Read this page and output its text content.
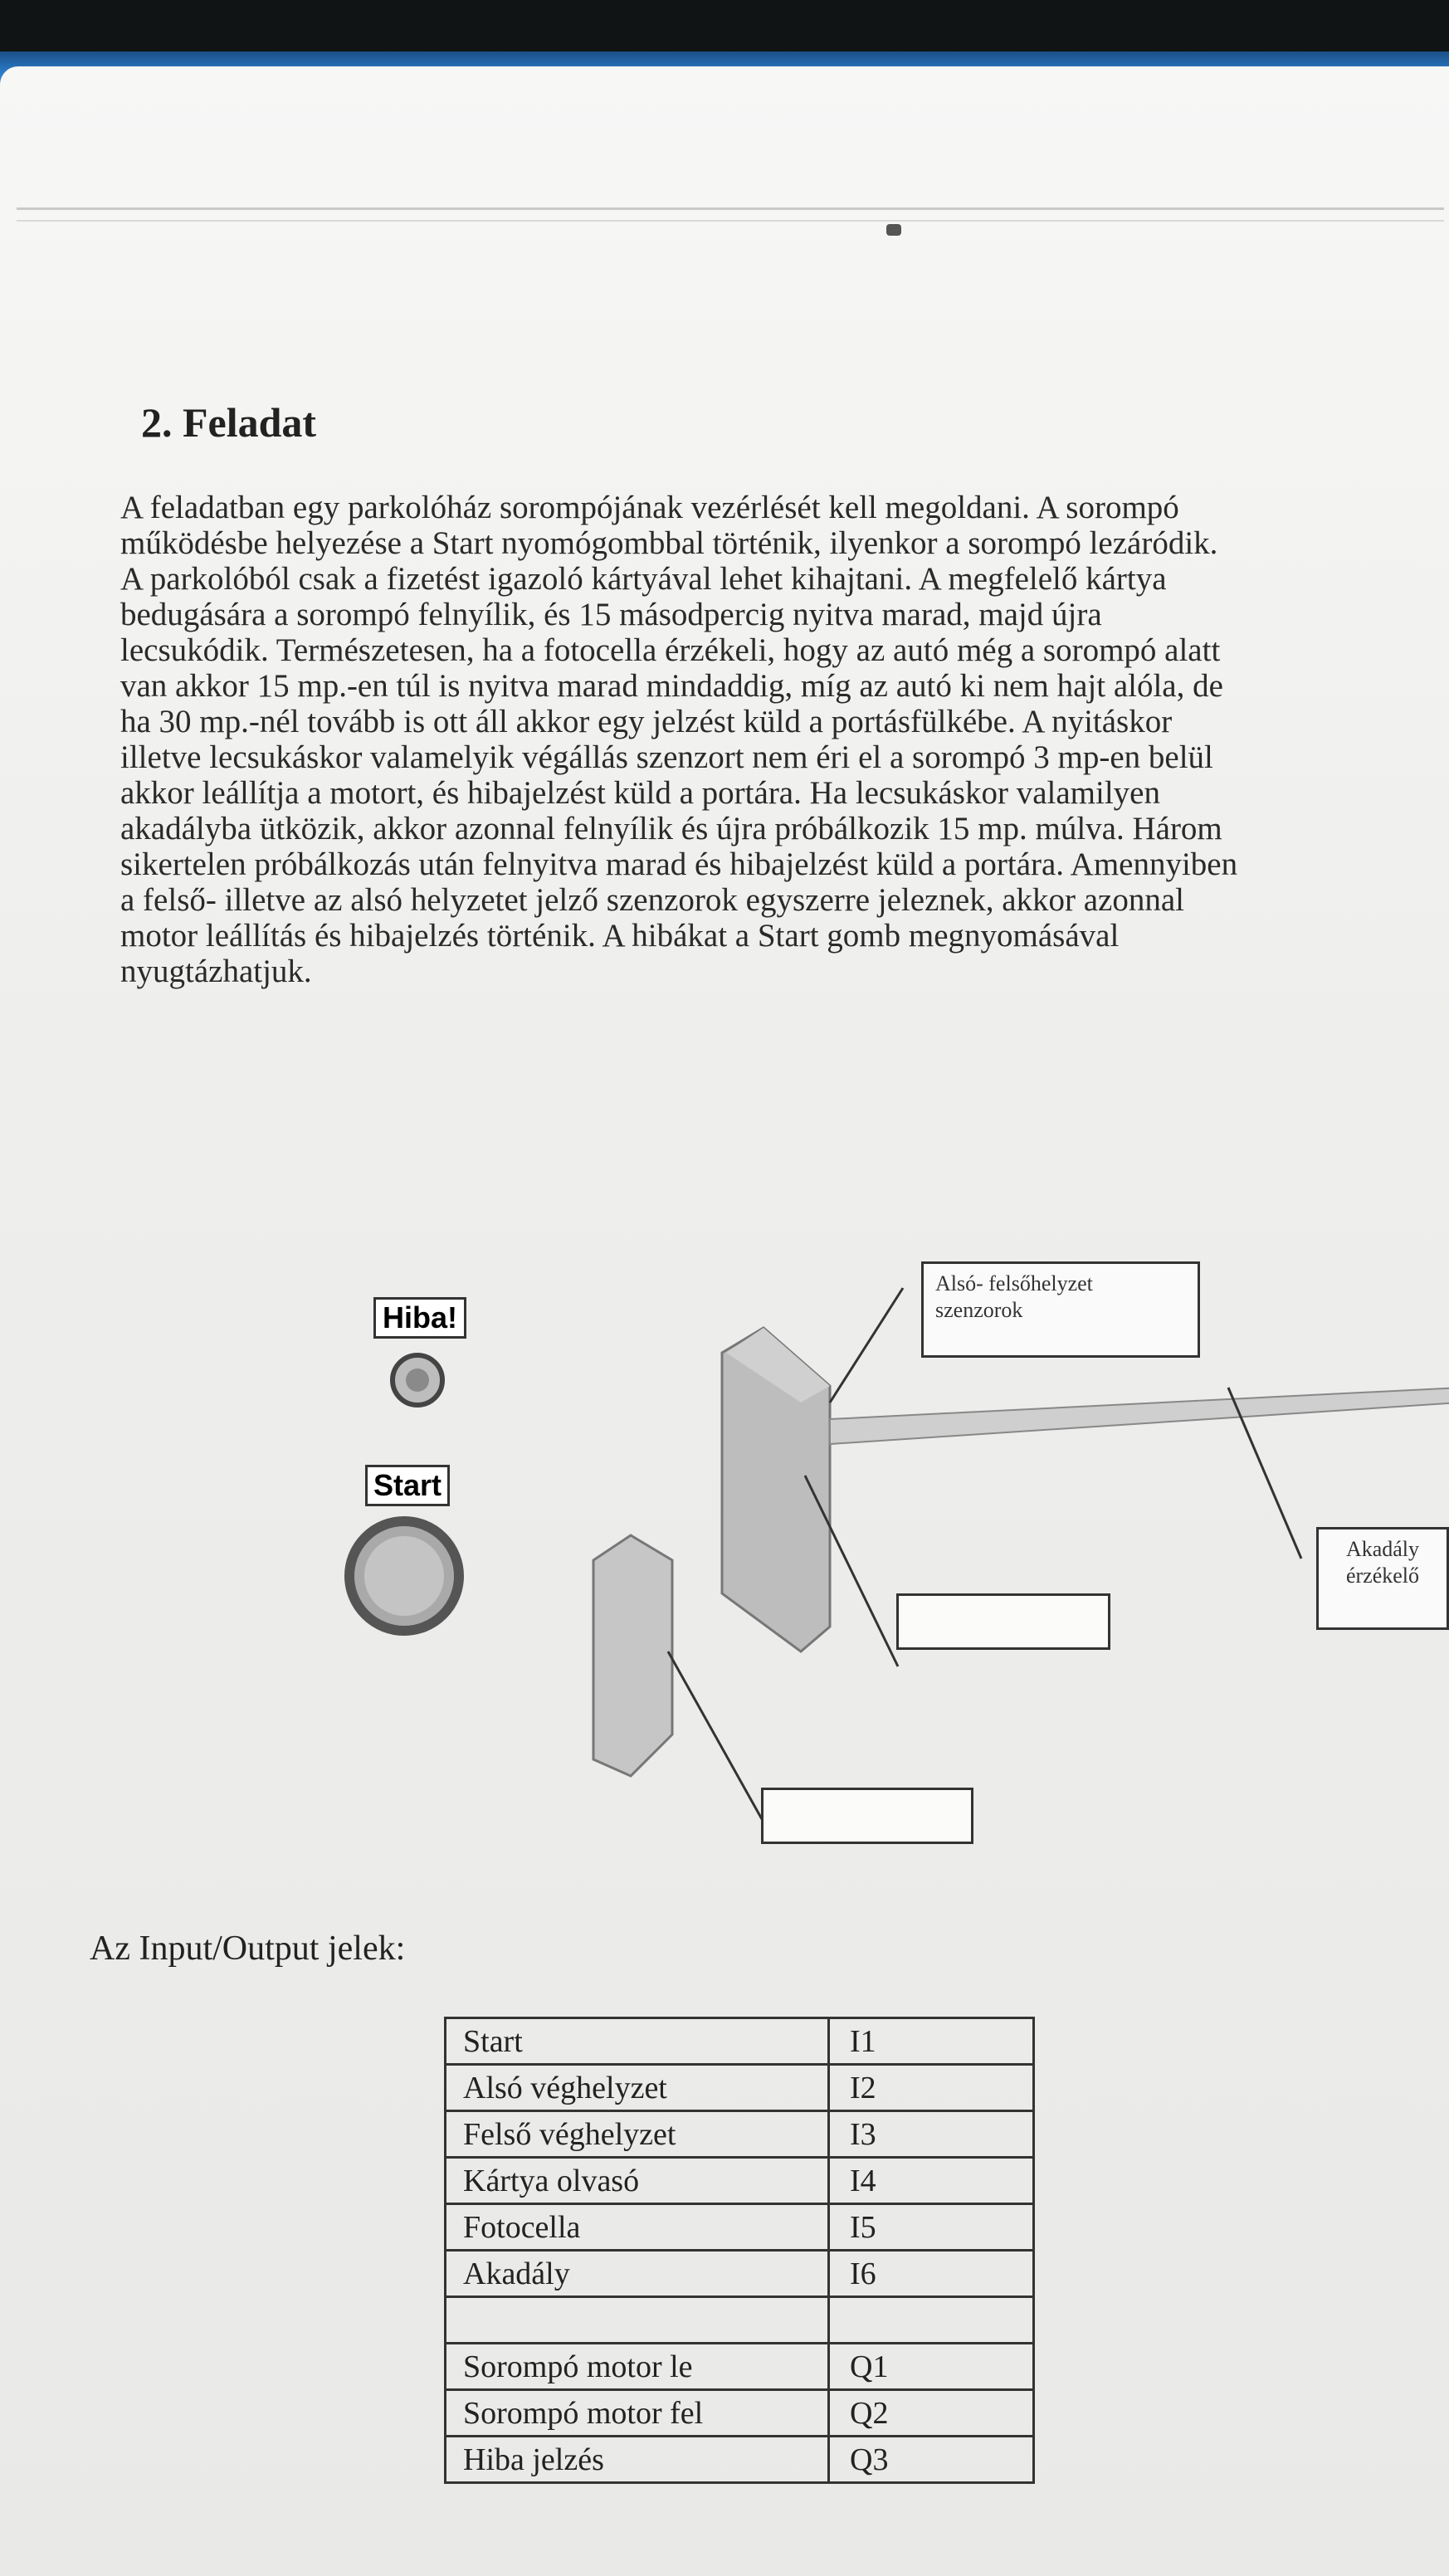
2. Feladat
A feladatban egy parkolóház sorompójának vezérlését kell megoldani. A sorompó
működésbe helyezése a Start nyomógombbal történik, ilyenkor a sorompó lezáródik.
A parkolóból csak a fizetést igazoló kártyával lehet kihajtani. A megfelelő kártya
bedugására a sorompó felnyílik, és 15 másodpercig nyitva marad, majd újra
lecsukódik. Természetesen, ha a fotocella érzékeli, hogy az autó még a sorompó alatt
van akkor 15 mp.-en túl is nyitva marad mindaddig, míg az autó ki nem hajt alóla, de
ha 30 mp.-nél tovább is ott áll akkor egy jelzést küld a portásfülkébe. A nyitáskor
illetve lecsukáskor valamelyik végállás szenzort nem éri el a sorompó 3 mp-en belül
akkor leállítja a motort, és hibajelzést küld a portára. Ha lecsukáskor valamilyen
akadályba ütközik, akkor azonnal felnyílik és újra próbálkozik 15 mp. múlva. Három
sikertelen próbálkozás után felnyitva marad és hibajelzést küld a portára. Amennyiben
a felső- illetve az alsó helyzetet jelző szenzorok egyszerre jeleznek, akkor azonnal
motor leállítás és hibajelzés történik. A hibákat a Start gomb megnyomásával
nyugtázhatjuk.
Hiba!
Start
Alsó- felsőhelyzet
szenzorok
Akadály
érzékelő

Az Input/Output jelek:

Start	I1
Alsó véghelyzet	I2
Felső véghelyzet	I3
Kártya olvasó	I4
Fotocella	I5
Akadály	I6

Sorompó motor le	Q1
Sorompó motor fel	Q2
Hiba jelzés	Q3
